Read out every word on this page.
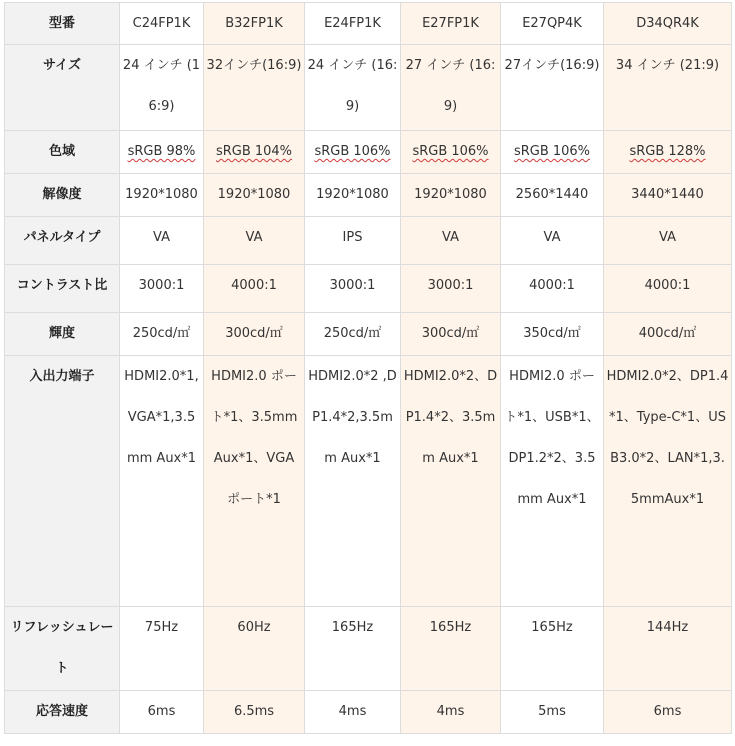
型番	C24FP1K	B32FP1K	E24FP1K	E27FP1K	E27QP4K	D34QR4K
サイズ	24 インチ (16:9)	32インチ(16:9)	24 インチ (16:9)	27 インチ (16:9)	27インチ(16:9)	34 インチ (21:9)
色域	sRGB 98%	sRGB 104%	sRGB 106%	sRGB 106%	sRGB 106%	sRGB 128%
解像度	1920*1080	1920*1080	1920*1080	1920*1080	2560*1440	3440*1440
パネルタイプ	VA	VA	IPS	VA	VA	VA
コントラスト比	3000:1	4000:1	3000:1	3000:1	4000:1	4000:1
輝度	250cd/㎡	300cd/㎡	250cd/㎡	300cd/㎡	350cd/㎡	400cd/㎡
入出力端子	HDMI2.0*1,VGA*1,3.5mm Aux*1	HDMI2.0 ポート*1、3.5mm Aux*1、VGA ポート*1	HDMI2.0*2 ,DP1.4*2,3.5mm Aux*1	HDMI2.0*2、DP1.4*2、3.5mm Aux*1	HDMI2.0 ポート*1、USB*1、DP1.2*2、3.5mm Aux*1	HDMI2.0*2、DP1.4*1、Type-C*1、USB3.0*2、LAN*1,3.5mmAux*1
リフレッシュレート	75Hz	60Hz	165Hz	165Hz	165Hz	144Hz
応答速度	6ms	6.5ms	4ms	4ms	5ms	6ms
